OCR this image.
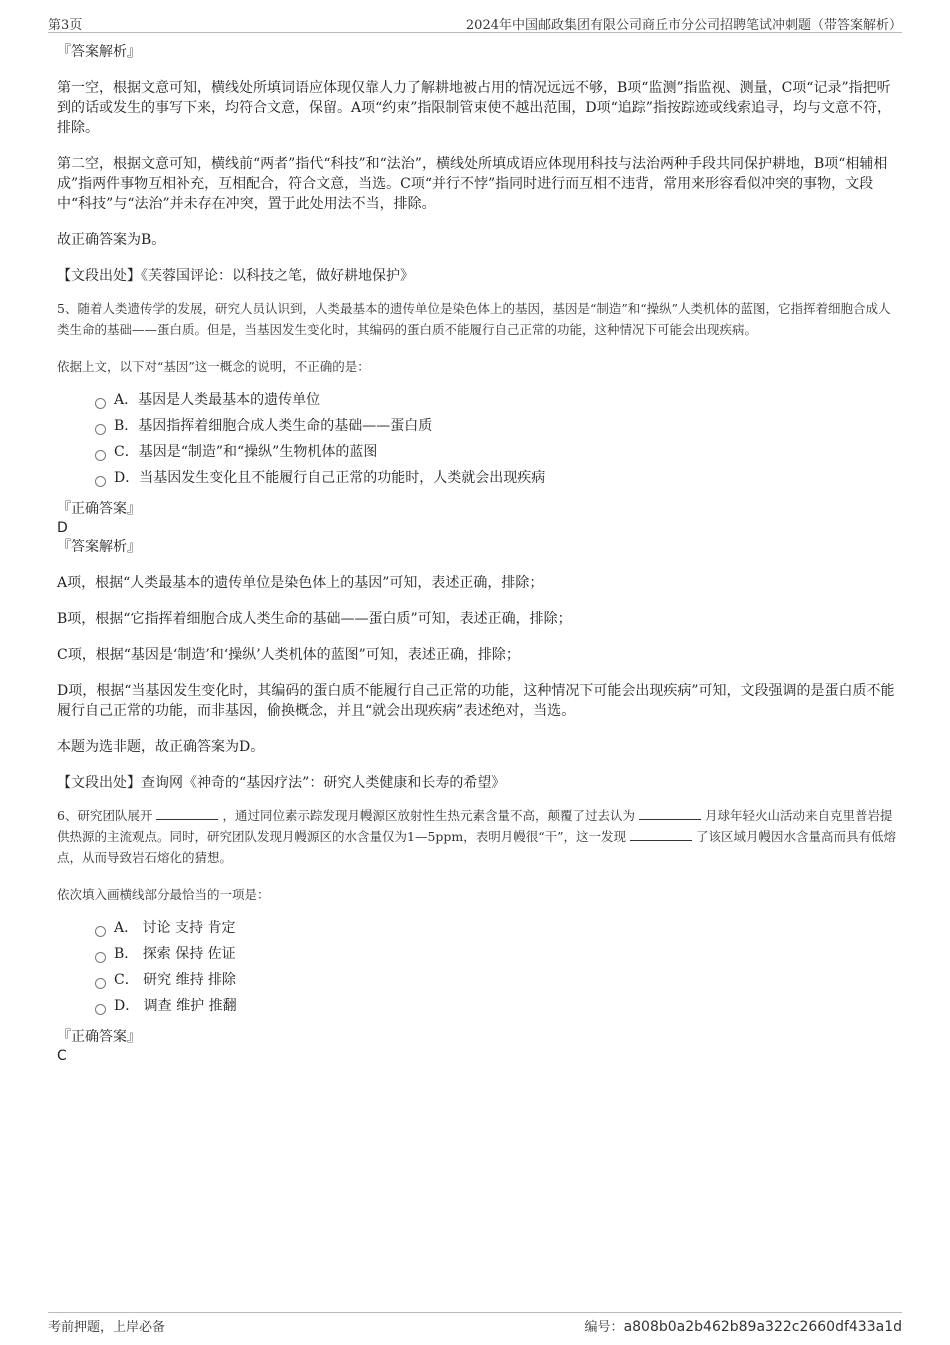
第3页	2024年中国邮政集团有限公司商丘市分公司招聘笔试冲刺题（带答案解析）

『答案解析』

第一空，根据文意可知，横线处所填词语应体现仅靠人力了解耕地被占用的情况远远不够，B项“监测”指监视、测量，C项“记录”指把听到的话或发生的事写下来，均符合文意，保留。A项“约束”指限制管束使不越出范围，D项“追踪”指按踪迹或线索追寻，均与文意不符，排除。

第二空，根据文意可知，横线前“两者”指代“科技”和“法治”，横线处所填成语应体现用科技与法治两种手段共同保护耕地，B项“相辅相成”指两件事物互相补充，互相配合，符合文意，当选。C项“并行不悖”指同时进行而互相不违背，常用来形容看似冲突的事物，文段中“科技”与“法治”并未存在冲突，置于此处用法不当，排除。

故正确答案为B。

【文段出处】《芙蓉国评论：以科技之笔，做好耕地保护》

5、随着人类遗传学的发展，研究人员认识到，人类最基本的遗传单位是染色体上的基因，基因是“制造”和“操纵”人类机体的蓝图，它指挥着细胞合成人类生命的基础——蛋白质。但是，当基因发生变化时，其编码的蛋白质不能履行自己正常的功能，这种情况下可能会出现疾病。

依据上文，以下对“基因”这一概念的说明，不正确的是：

A．基因是人类最基本的遗传单位
B．基因指挥着细胞合成人类生命的基础——蛋白质
C．基因是“制造”和“操纵”生物机体的蓝图
D．当基因发生变化且不能履行自己正常的功能时，人类就会出现疾病

『正确答案』

D

『答案解析』

A项，根据“人类最基本的遗传单位是染色体上的基因”可知，表述正确，排除；

B项，根据“它指挥着细胞合成人类生命的基础——蛋白质”可知，表述正确，排除；

C项，根据“基因是‘制造’和‘操纵’人类机体的蓝图”可知，表述正确，排除；

D项，根据“当基因发生变化时，其编码的蛋白质不能履行自己正常的功能，这种情况下可能会出现疾病”可知，文段强调的是蛋白质不能履行自己正常的功能，而非基因，偷换概念，并且“就会出现疾病”表述绝对，当选。

本题为选非题，故正确答案为D。

【文段出处】查询网《神奇的“基因疗法”：研究人类健康和长寿的希望》

6、研究团队展开	，通过同位素示踪发现月幔源区放射性生热元素含量不高，颠覆了过去认为	月球年轻火山活动来自克里普岩提供热源的主流观点。同时，研究团队发现月幔源区的水含量仅为1—5ppm，表明月幔很“干”，这一发现	了该区域月幔因水含量高而具有低熔点，从而导致岩石熔化的猜想。

依次填入画横线部分最恰当的一项是：

A． 讨论 支持 肯定
B． 探索 保持 佐证
C． 研究 维持 排除
D． 调查 维护 推翻

『正确答案』

C

考前押题，上岸必备	编号：a808b0a2b462b89a322c2660df433a1d
